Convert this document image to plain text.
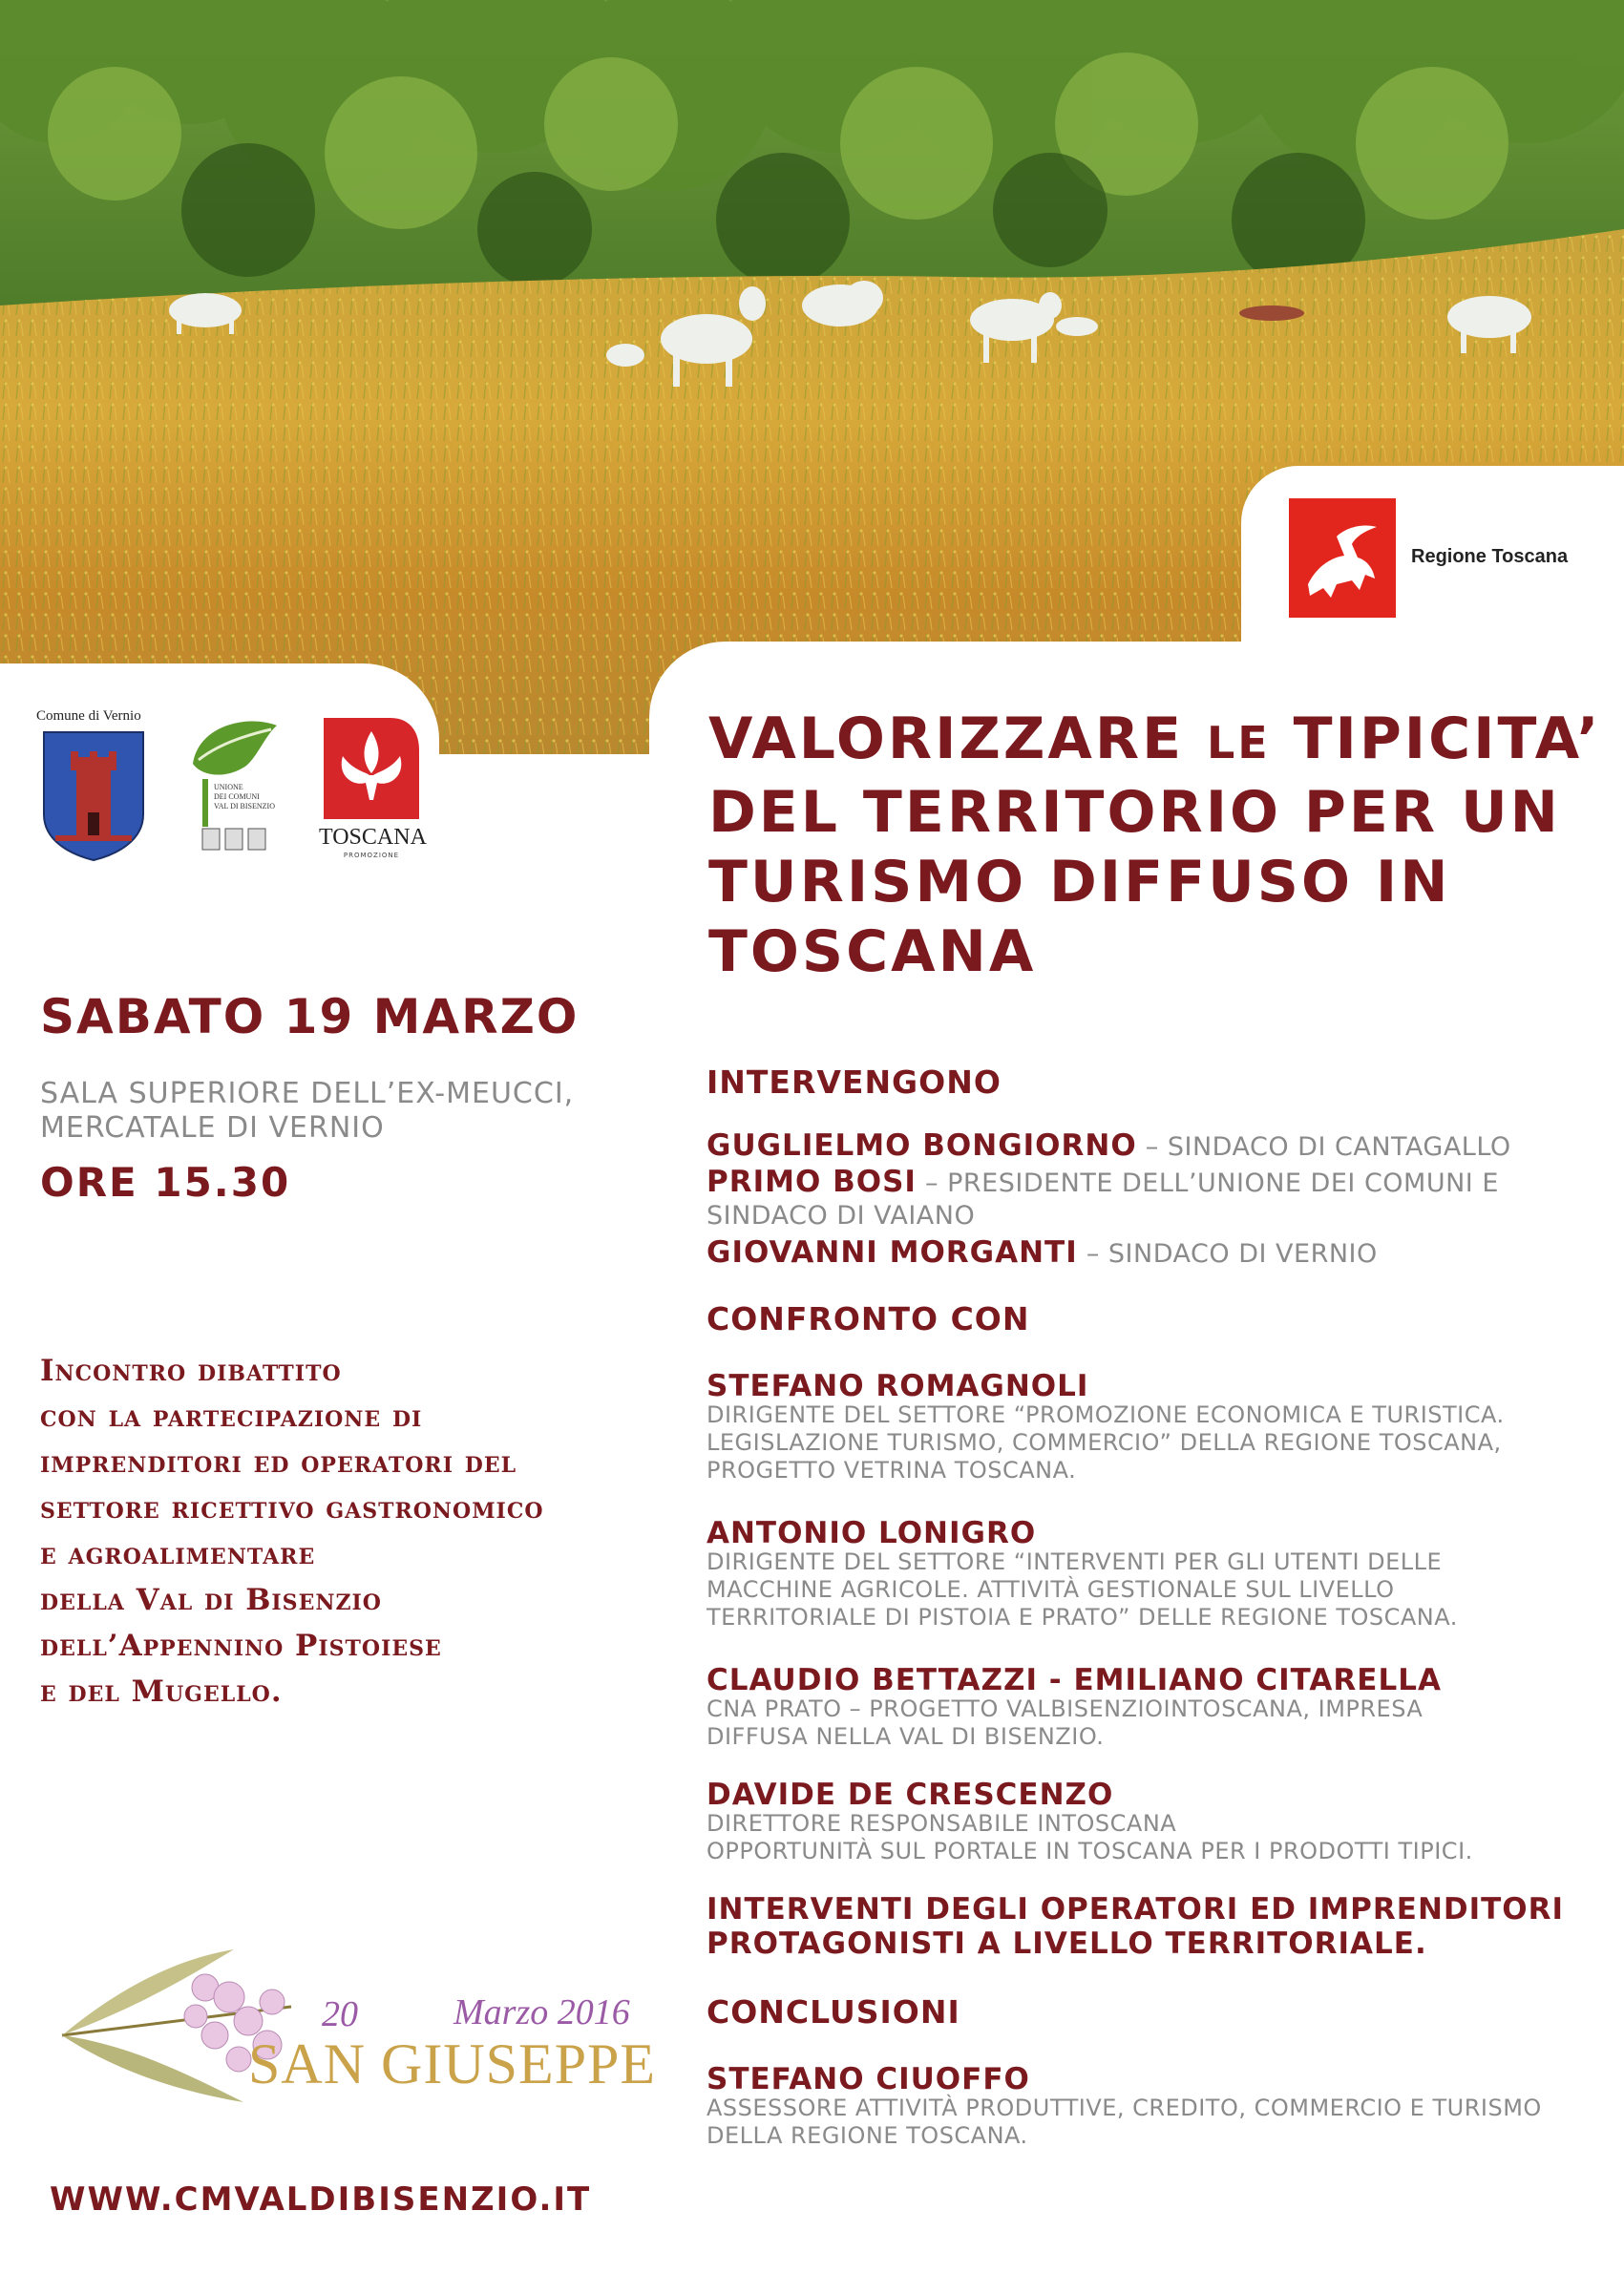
Regione Toscana
Comune di Vernio
UNIONE
DEI COMUNI
VAL DI BISENZIO
TOSCANA
PROMOZIONE
VALORIZZARE LE TIPICITA’
DEL TERRITORIO PER UN
TURISMO DIFFUSO IN
TOSCANA
SABATO 19 MARZO
SALA SUPERIORE DELL’EX-MEUCCI,
MERCATALE DI VERNIO
ORE 15.30
Incontro dibattito
con la partecipazione di
imprenditori ed operatori del
settore ricettivo gastronomico
e agroalimentare
della Val di Bisenzio
dell’Appennino Pistoiese
e del Mugello.
20	Marzo 2016
SAN GIUSEPPE
WWW.CMVALDIBISENZIO.IT
INTERVENGONO
GUGLIELMO BONGIORNO – SINDACO DI CANTAGALLO
PRIMO BOSI – PRESIDENTE DELL’UNIONE DEI COMUNI E
SINDACO DI VAIANO
GIOVANNI MORGANTI – SINDACO DI VERNIO
CONFRONTO CON
STEFANO ROMAGNOLI
DIRIGENTE DEL SETTORE “PROMOZIONE ECONOMICA E TURISTICA.
LEGISLAZIONE TURISMO, COMMERCIO” DELLA REGIONE TOSCANA,
PROGETTO VETRINA TOSCANA.
ANTONIO LONIGRO
DIRIGENTE DEL SETTORE “INTERVENTI PER GLI UTENTI DELLE
MACCHINE AGRICOLE. ATTIVITÀ GESTIONALE SUL LIVELLO
TERRITORIALE DI PISTOIA E PRATO” DELLE REGIONE TOSCANA.
CLAUDIO BETTAZZI - EMILIANO CITARELLA
CNA PRATO – PROGETTO VALBISENZIOINTOSCANA, IMPRESA
DIFFUSA NELLA VAL DI BISENZIO.
DAVIDE DE CRESCENZO
DIRETTORE RESPONSABILE INTOSCANA
OPPORTUNITÀ SUL PORTALE IN TOSCANA PER I PRODOTTI TIPICI.
INTERVENTI DEGLI OPERATORI ED IMPRENDITORI
PROTAGONISTI A LIVELLO TERRITORIALE.
CONCLUSIONI
STEFANO CIUOFFO
ASSESSORE ATTIVITÀ PRODUTTIVE, CREDITO, COMMERCIO E TURISMO
DELLA REGIONE TOSCANA.
